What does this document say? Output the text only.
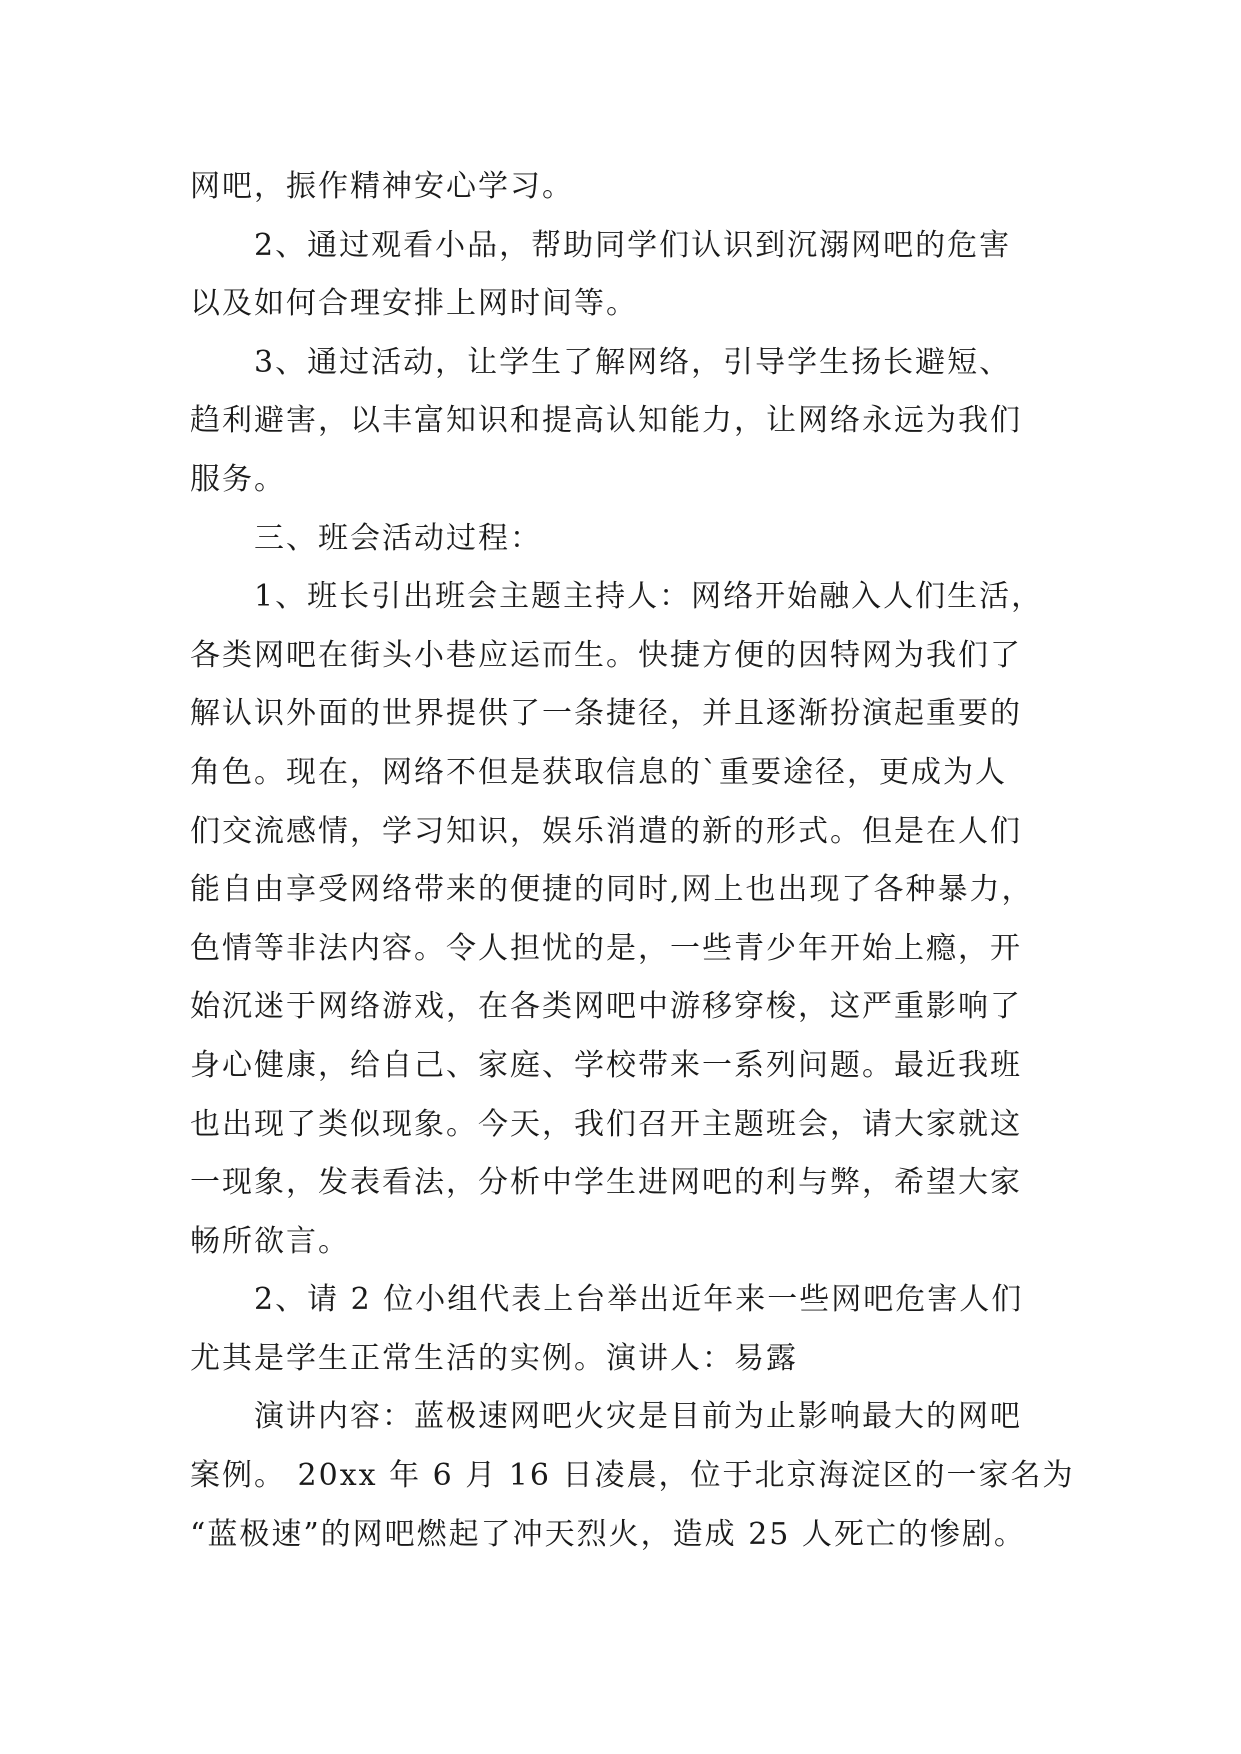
网吧，振作精神安心学习。
2、通过观看小品，帮助同学们认识到沉溺网吧的危害
以及如何合理安排上网时间等。
3、通过活动，让学生了解网络，引导学生扬长避短、
趋利避害，以丰富知识和提高认知能力，让网络永远为我们
服务。
三、班会活动过程：
1、班长引出班会主题主持人：网络开始融入人们生活，
各类网吧在街头小巷应运而生。快捷方便的因特网为我们了
解认识外面的世界提供了一条捷径，并且逐渐扮演起重要的
角色。现在，网络不但是获取信息的`重要途径，更成为人
们交流感情，学习知识，娱乐消遣的新的形式。但是在人们
能自由享受网络带来的便捷的同时,网上也出现了各种暴力，
色情等非法内容。令人担忧的是，一些青少年开始上瘾，开
始沉迷于网络游戏，在各类网吧中游移穿梭，这严重影响了
身心健康，给自己、家庭、学校带来一系列问题。最近我班
也出现了类似现象。今天，我们召开主题班会，请大家就这
一现象，发表看法，分析中学生进网吧的利与弊，希望大家
畅所欲言。
2、请 2 位小组代表上台举出近年来一些网吧危害人们
尤其是学生正常生活的实例。演讲人：易露
演讲内容：蓝极速网吧火灾是目前为止影响最大的网吧
案例。 20xx 年 6 月 16 日凌晨，位于北京海淀区的一家名为
“蓝极速”的网吧燃起了冲天烈火，造成 25 人死亡的惨剧。
